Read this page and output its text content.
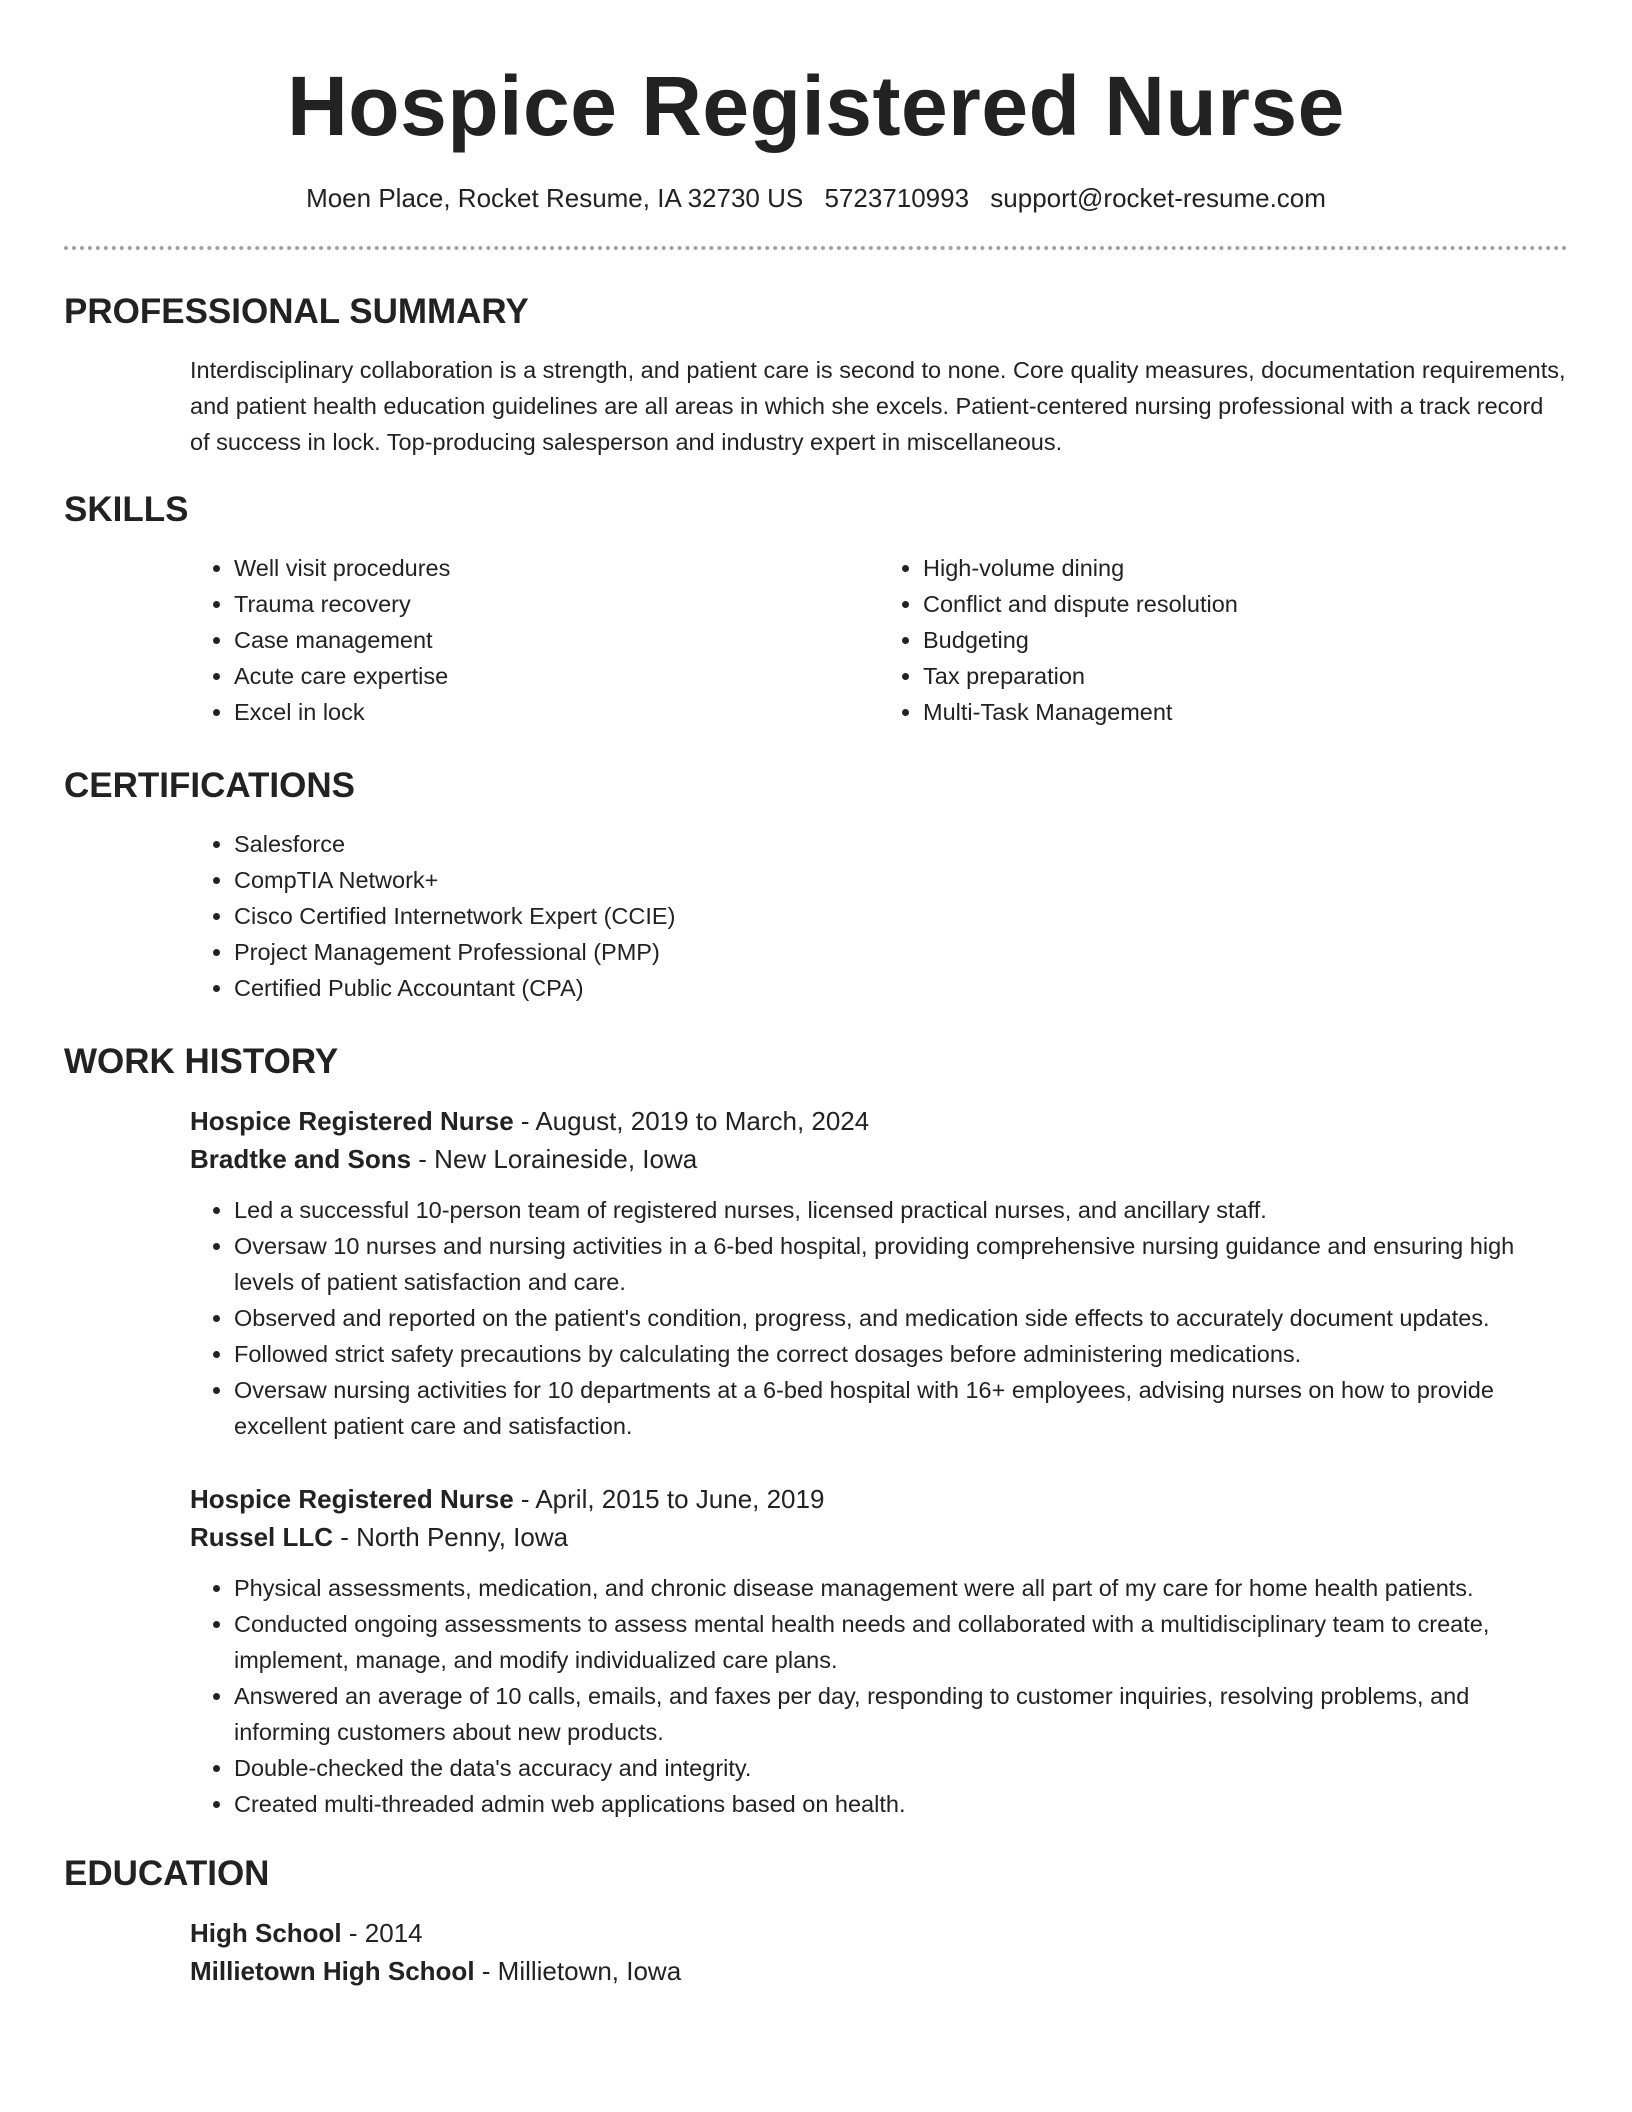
Hospice Registered Nurse
Moen Place, Rocket Resume, IA 32730 US 5723710993 support@rocket-resume.com
PROFESSIONAL SUMMARY

Interdisciplinary collaboration is a strength, and patient care is second to none. Core quality measures, documentation requirements, and patient health education guidelines are all areas in which she excels. Patient-centered nursing professional with a track record of success in lock. Top-producing salesperson and industry expert in miscellaneous.

SKILLS
• Well visit procedures
• Trauma recovery
• Case management
• Acute care expertise
• Excel in lock
• High-volume dining
• Conflict and dispute resolution
• Budgeting
• Tax preparation
• Multi-Task Management
CERTIFICATIONS
• Salesforce
• CompTIA Network+
• Cisco Certified Internetwork Expert (CCIE)
• Project Management Professional (PMP)
• Certified Public Accountant (CPA)
WORK HISTORY
Hospice Registered Nurse - August, 2019 to March, 2024
Bradtke and Sons - New Loraineside, Iowa
• Led a successful 10-person team of registered nurses, licensed practical nurses, and ancillary staff.
• Oversaw 10 nurses and nursing activities in a 6-bed hospital, providing comprehensive nursing guidance and ensuring high levels of patient satisfaction and care.
• Observed and reported on the patient's condition, progress, and medication side effects to accurately document updates.
• Followed strict safety precautions by calculating the correct dosages before administering medications.
• Oversaw nursing activities for 10 departments at a 6-bed hospital with 16+ employees, advising nurses on how to provide excellent patient care and satisfaction.
Hospice Registered Nurse - April, 2015 to June, 2019
Russel LLC - North Penny, Iowa
• Physical assessments, medication, and chronic disease management were all part of my care for home health patients.
• Conducted ongoing assessments to assess mental health needs and collaborated with a multidisciplinary team to create, implement, manage, and modify individualized care plans.
• Answered an average of 10 calls, emails, and faxes per day, responding to customer inquiries, resolving problems, and informing customers about new products.
• Double-checked the data's accuracy and integrity.
• Created multi-threaded admin web applications based on health.
EDUCATION
High School - 2014
Millietown High School - Millietown, Iowa
